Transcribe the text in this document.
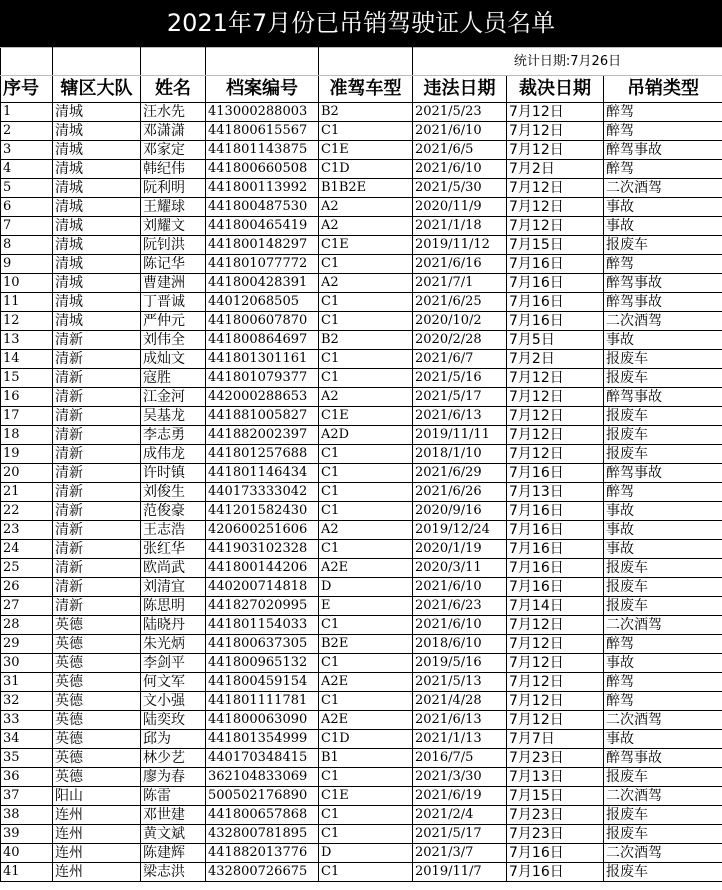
2021年7月份已吊销驾驶证人员名单
					统计日期:7月26日		
序号	辖区大队	姓名	档案编号	准驾车型	违法日期	裁决日期	吊销类型
1	清城	汪水先	413000288003	B2	2021/5/23	7月12日	醉驾
2	清城	邓潇潇	441800615567	C1	2021/6/10	7月12日	醉驾
3	清城	邓家定	441801143875	C1E	2021/6/5	7月12日	醉驾事故
4	清城	韩纪伟	441800660508	C1D	2021/6/10	7月2日	醉驾
5	清城	阮利明	441800113992	B1B2E	2021/5/30	7月12日	二次酒驾
6	清城	王耀球	441800487530	A2	2020/11/9	7月12日	事故
7	清城	刘耀文	441800465419	A2	2021/1/18	7月12日	事故
8	清城	阮钊洪	441800148297	C1E	2019/11/12	7月15日	报废车
9	清城	陈记华	441801077772	C1	2021/6/16	7月16日	醉驾
10	清城	曹建洲	441800428391	A2	2021/7/1	7月16日	醉驾事故
11	清城	丁晋诚	44012068505	C1	2021/6/25	7月16日	醉驾事故
12	清城	严仲元	441800607870	C1	2020/10/2	7月16日	二次酒驾
13	清新	刘伟全	441800864697	B2	2020/2/28	7月5日	事故
14	清新	成灿文	441801301161	C1	2021/6/7	7月2日	报废车
15	清新	寇胜	441801079377	C1	2021/5/16	7月12日	报废车
16	清新	江金河	442000288653	A2	2021/5/17	7月12日	醉驾事故
17	清新	吴基龙	441881005827	C1E	2021/6/13	7月12日	报废车
18	清新	李志勇	441882002397	A2D	2019/11/11	7月12日	报废车
19	清新	成伟龙	441801257688	C1	2018/1/10	7月12日	报废车
20	清新	许时镇	441801146434	C1	2021/6/29	7月16日	醉驾事故
21	清新	刘俊生	440173333042	C1	2021/6/26	7月13日	醉驾
22	清新	范俊豪	441201582430	C1	2020/9/16	7月16日	事故
23	清新	王志浩	420600251606	A2	2019/12/24	7月16日	事故
24	清新	张红华	441903102328	C1	2020/1/19	7月16日	事故
25	清新	欧尚武	441800144206	A2E	2020/3/11	7月16日	报废车
26	清新	刘清宜	440200714818	D	2021/6/10	7月16日	报废车
27	清新	陈思明	441827020995	E	2021/6/23	7月14日	报废车
28	英德	陆晓丹	441801154033	C1	2021/6/10	7月12日	二次酒驾
29	英德	朱光炳	441800637305	B2E	2018/6/10	7月12日	醉驾
30	英德	李剑平	441800965132	C1	2019/5/16	7月12日	事故
31	英德	何文军	441800459154	A2E	2021/5/13	7月12日	醉驾
32	英德	文小强	441801111781	C1	2021/4/28	7月12日	醉驾
33	英德	陆奕玫	441800063090	A2E	2021/6/13	7月12日	二次酒驾
34	英德	邱为	441801354999	C1D	2021/1/13	7月7日	事故
35	英德	林少艺	440170348415	B1	2016/7/5	7月23日	醉驾事故
36	英德	廖为春	362104833069	C1	2021/3/30	7月13日	报废车
37	阳山	陈雷	500502176890	C1E	2021/6/19	7月15日	二次酒驾
38	连州	邓世建	441800657868	C1	2021/2/4	7月23日	报废车
39	连州	黄文斌	432800781895	C1	2021/5/17	7月23日	报废车
40	连州	陈建辉	441882013776	D	2021/3/7	7月16日	二次酒驾
41	连州	梁志洪	432800726675	C1	2019/11/7	7月16日	报废车
